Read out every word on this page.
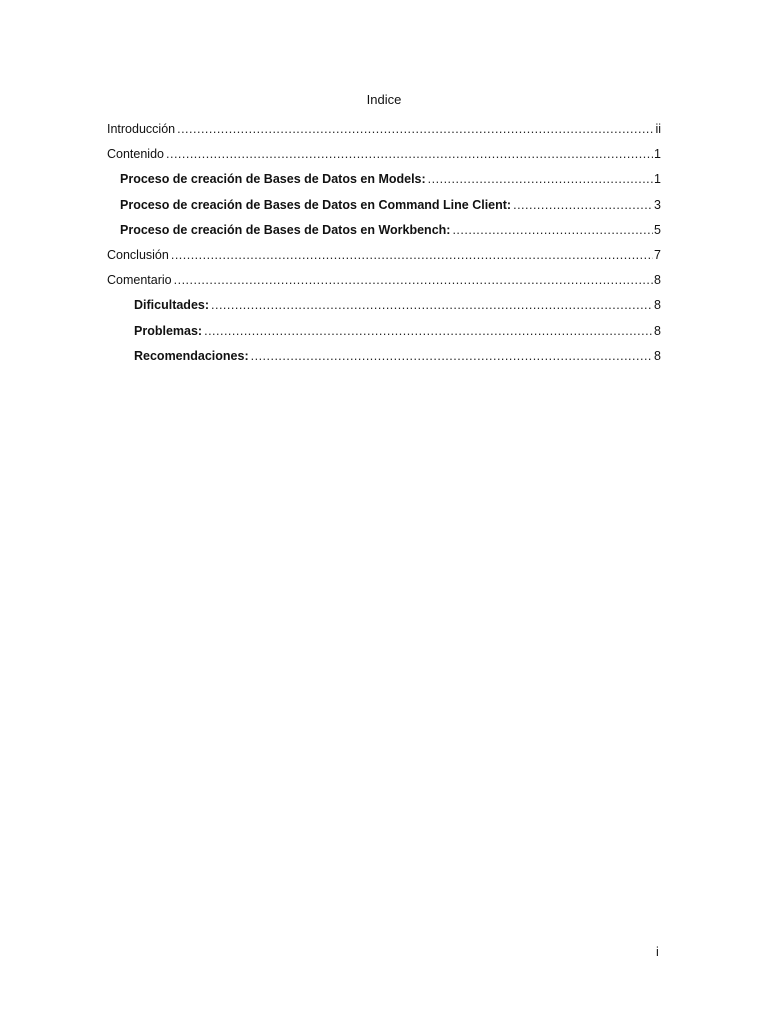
Indice
Introducción .....	ii
Contenido .....	1
Proceso de creación de Bases de Datos en Models: .....	1
Proceso de creación de Bases de Datos en Command Line Client: .....	3
Proceso de creación de Bases de Datos en Workbench: .....	5
Conclusión .....	7
Comentario .....	8
Dificultades: .....	8
Problemas: .....	8
Recomendaciones: .....	8
i
